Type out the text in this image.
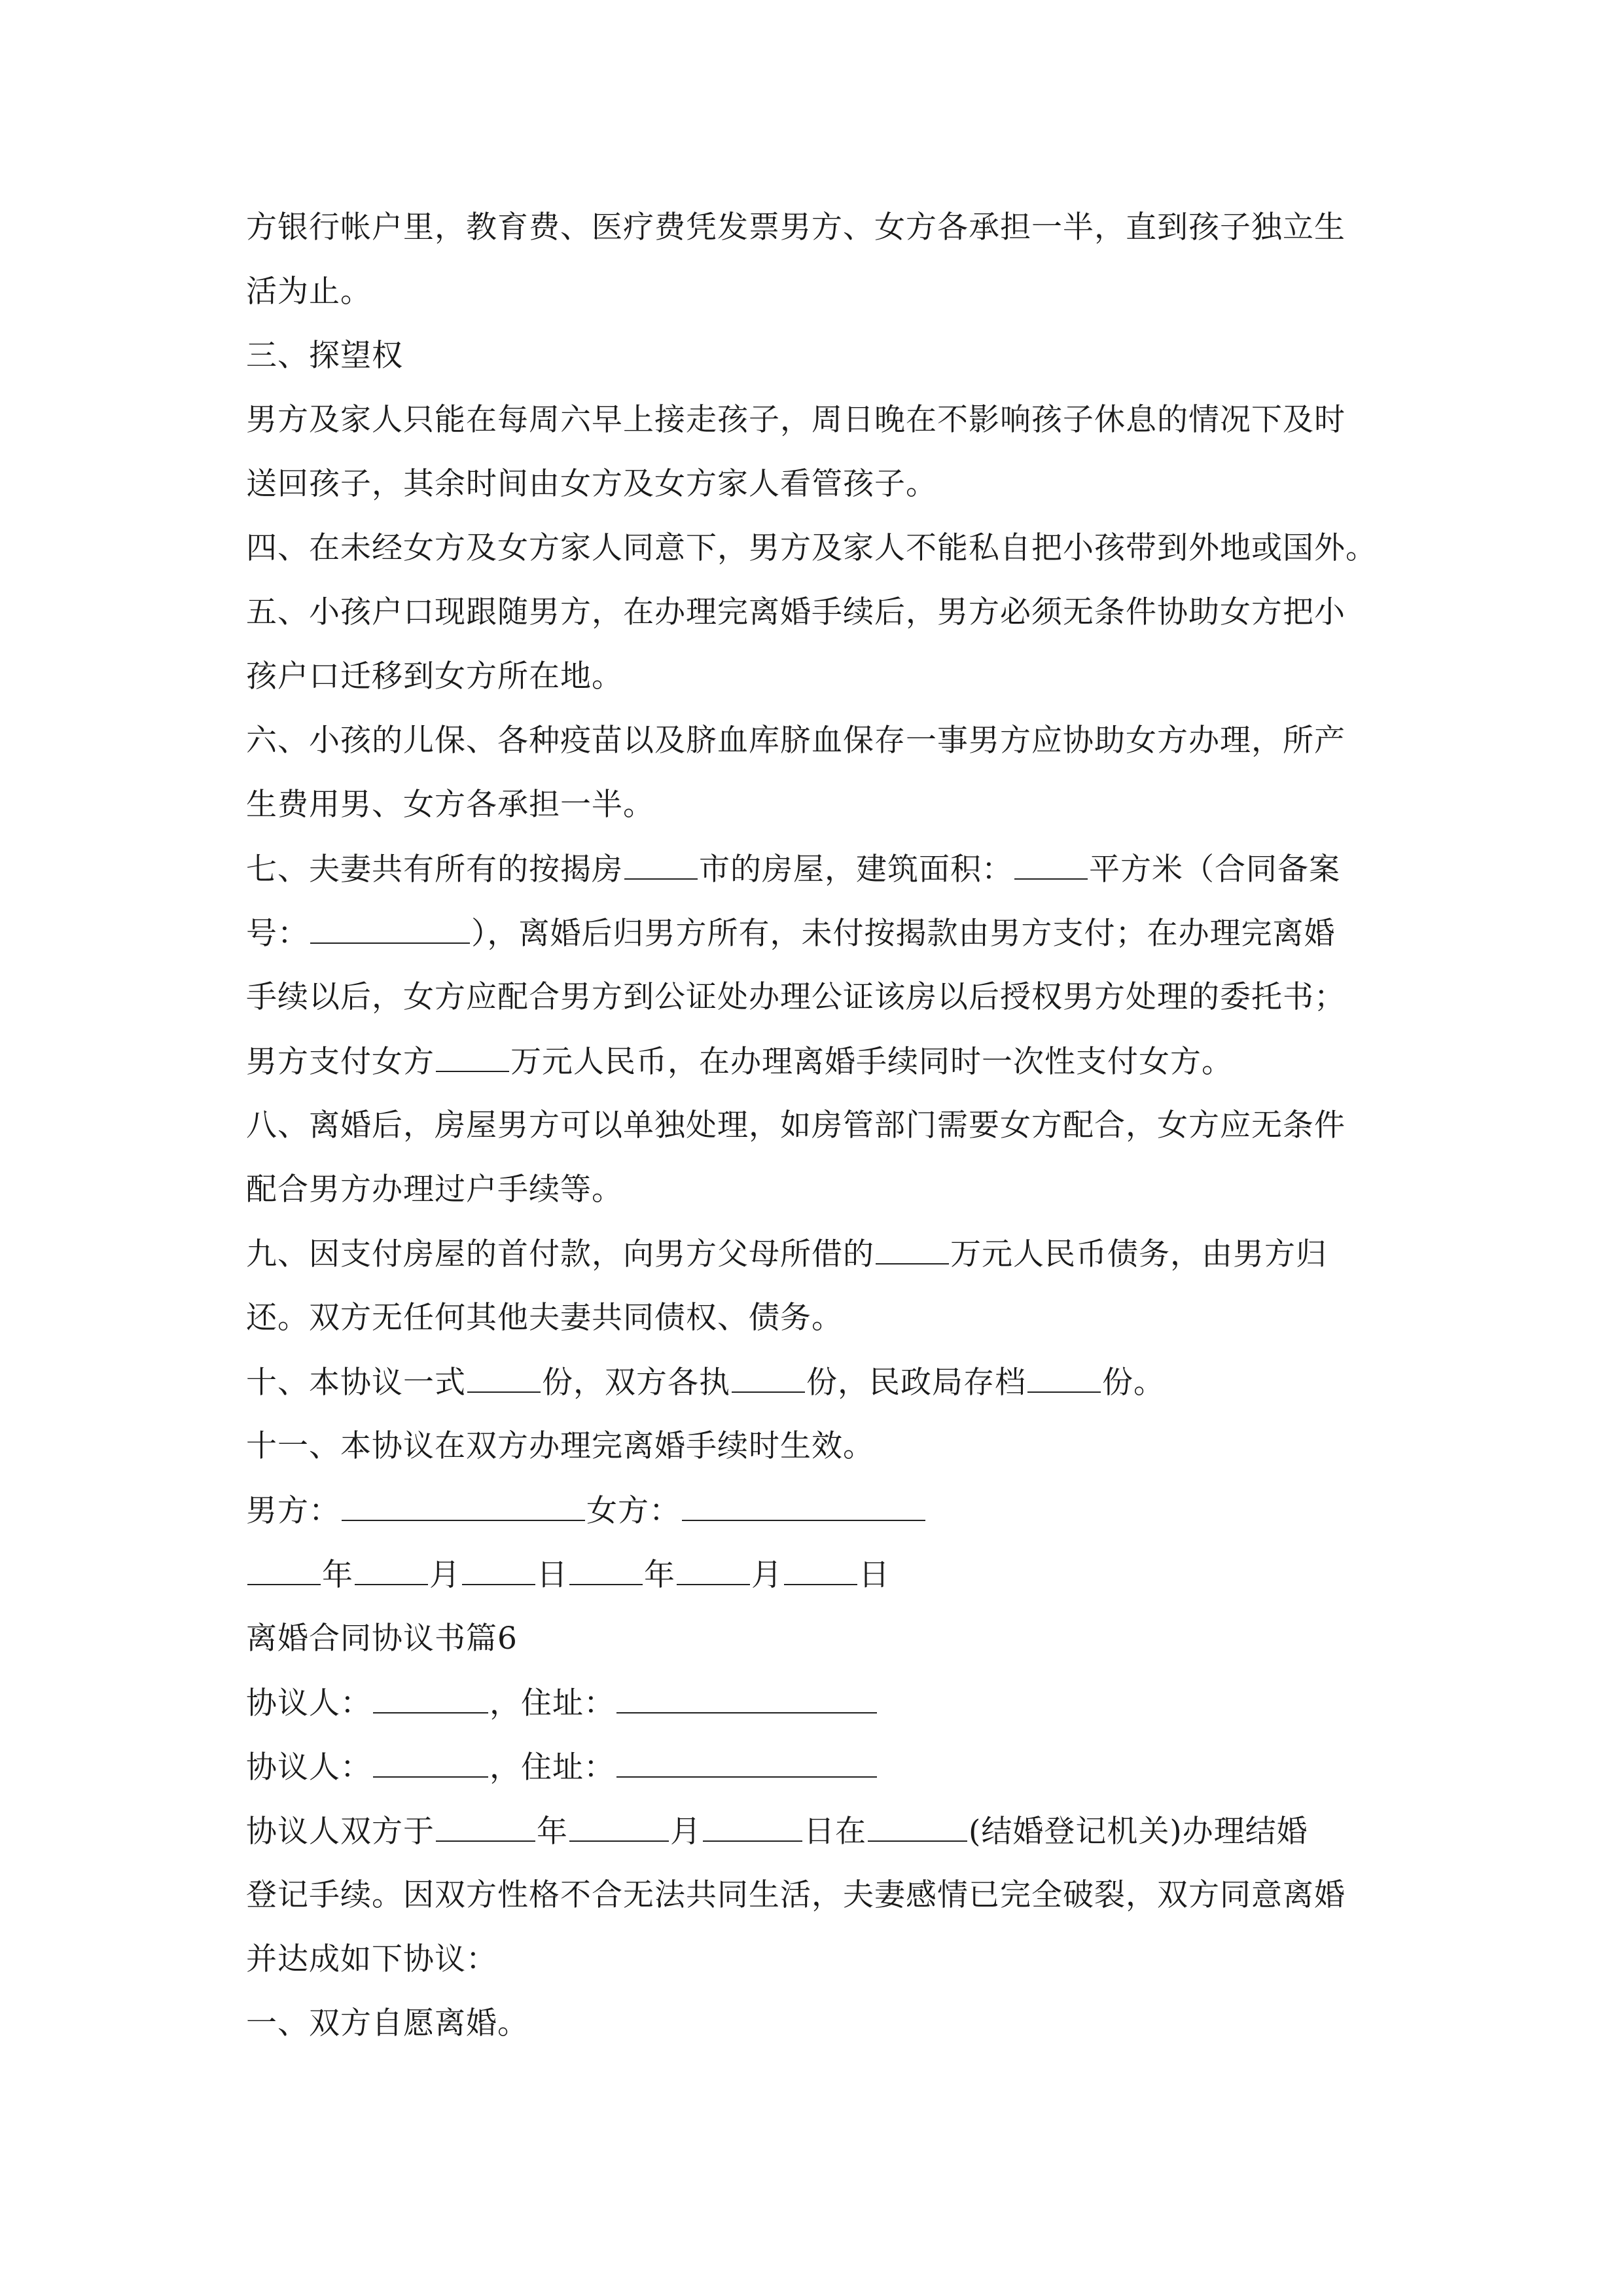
方银行帐户里，教育费、医疗费凭发票男方、女方各承担一半，直到孩子独立生
活为止。
三、探望权
男方及家人只能在每周六早上接走孩子，周日晚在不影响孩子休息的情况下及时
送回孩子，其余时间由女方及女方家人看管孩子。
四、在未经女方及女方家人同意下，男方及家人不能私自把小孩带到外地或国外。
五、小孩户口现跟随男方，在办理完离婚手续后，男方必须无条件协助女方把小
孩户口迁移到女方所在地。
六、小孩的儿保、各种疫苗以及脐血库脐血保存一事男方应协助女方办理，所产
生费用男、女方各承担一半。
七、夫妻共有所有的按揭房 市的房屋，建筑面积： 平方米（合同备案
号：	），离婚后归男方所有，未付按揭款由男方支付；在办理完离婚
手续以后，女方应配合男方到公证处办理公证该房以后授权男方处理的委托书；
男方支付女方 万元人民币，在办理离婚手续同时一次性支付女方。
八、离婚后，房屋男方可以单独处理，如房管部门需要女方配合，女方应无条件
配合男方办理过户手续等。
九、因支付房屋的首付款，向男方父母所借的 万元人民币债务，由男方归
还。双方无任何其他夫妻共同债权、债务。
十、本协议一式 份，双方各执 份，民政局存档 份。
十一、本协议在双方办理完离婚手续时生效。
男方：	女方：
年 月 日 年 月 日
离婚合同协议书篇6
协议人：	，住址：
协议人：	，住址：
协议人双方于	年	月	日在	(结婚登记机关)办理结婚
登记手续。因双方性格不合无法共同生活，夫妻感情已完全破裂，双方同意离婚
并达成如下协议：
一、双方自愿离婚。
